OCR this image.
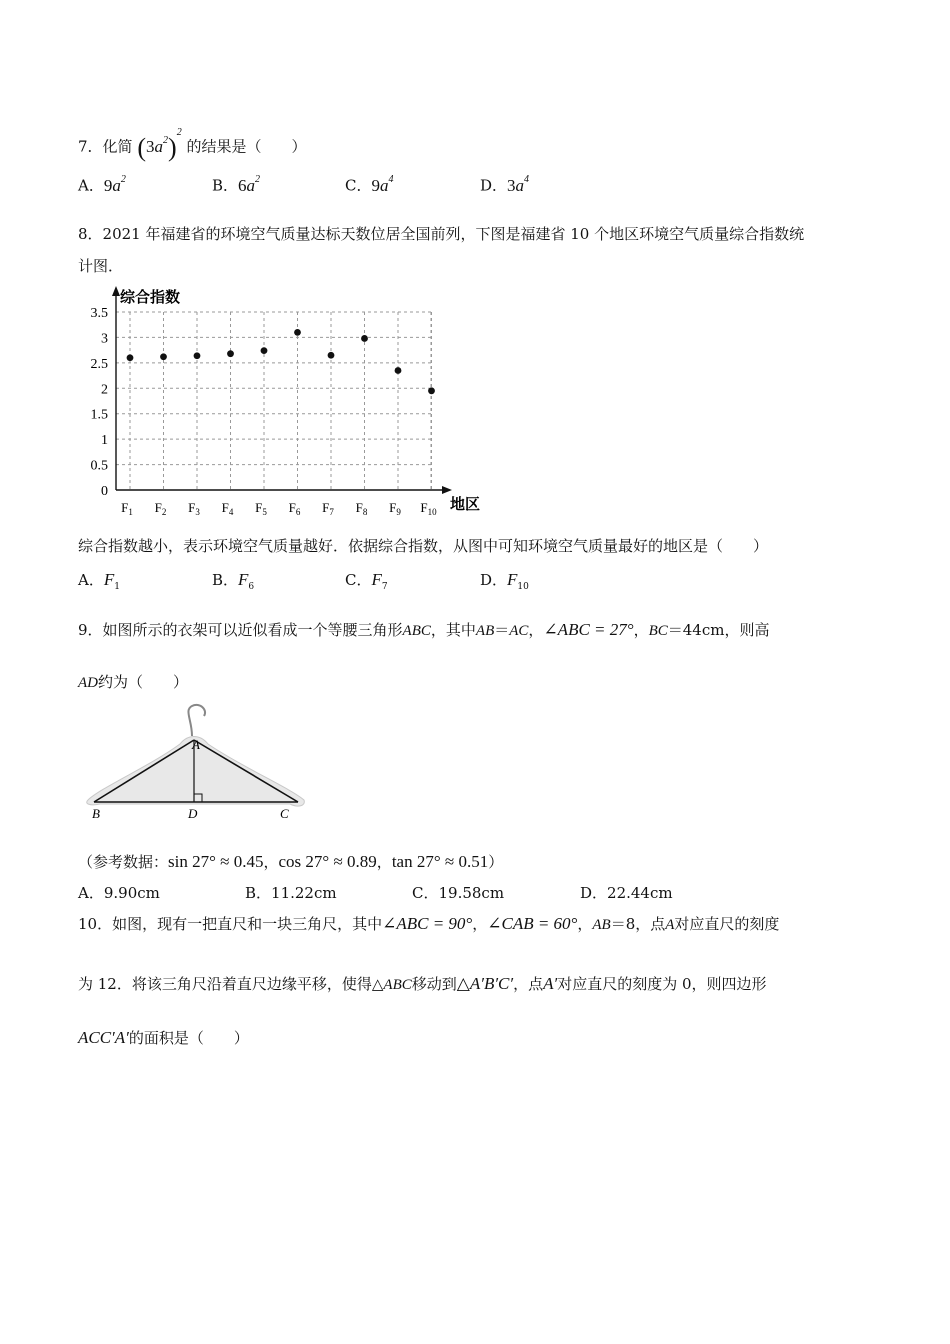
7．化简 $(3a^2)^2$ 的结果是（　　）
A．$9a^2$	B．$6a^2$	C．$9a^4$	D．$3a^4$
8．2021 年福建省的环境空气质量达标天数位居全国前列，下图是福建省 10 个地区环境空气质量综合指数统
计图．
0
0.5
1
1.5
2
2.5
3
3.5
$F_1$ $F_2$ $F_3$ $F_4$ $F_5$ $F_6$ $F_7$ $F_8$ $F_9$ $F_{10}$
综合指数
地区
综合指数越小，表示环境空气质量越好．依据综合指数，从图中可知环境空气质量最好的地区是（　　）
A．$F_1$	B．$F_6$	C．$F_7$	D．$F_{10}$
9．如图所示的衣架可以近似看成一个等腰三角形ABC，其中AB＝AC，∠ABC = 27°，BC＝44cm，则高
AD约为（　　）
A
B	D	C
（参考数据：sin 27° ≈ 0.45，cos 27° ≈ 0.89，tan 27° ≈ 0.51）
A．9.90cm	B．11.22cm	C．19.58cm	D．22.44cm
10．如图，现有一把直尺和一块三角尺，其中∠ABC = 90°，∠CAB = 60°，AB＝8，点A对应直尺的刻度
为 12．将该三角尺沿着直尺边缘平移，使得△ABC移动到△A′B′C′，点A′对应直尺的刻度为 0，则四边形
ACC′A′的面积是（　　）
